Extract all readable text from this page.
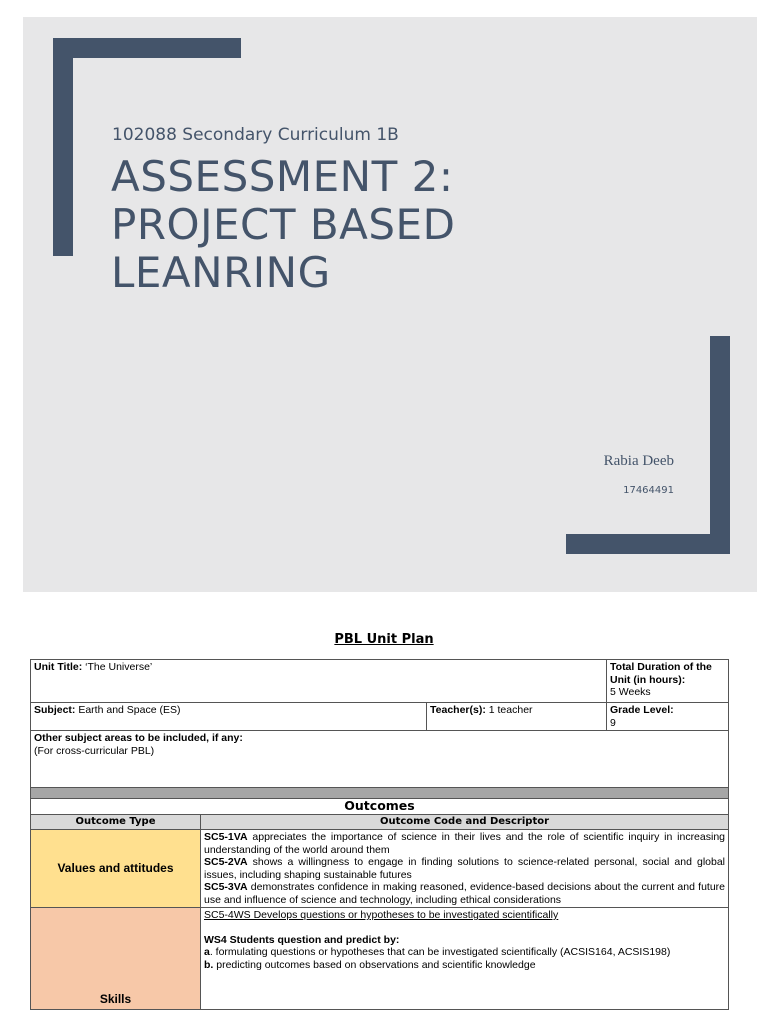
102088 Secondary Curriculum 1B
ASSESSMENT 2:
PROJECT BASED
LEANRING
Rabia Deeb
17464491
PBL Unit Plan
Unit Title: ‘The Universe’			Total Duration of the Unit (in hours):
5 Weeks

Subject: Earth and Space (ES)		Teacher(s): 1 teacher	Grade Level:
9

Other subject areas to be included, if any:
(For cross-curricular PBL)			

Outcomes			
Outcome Type	Outcome Code and Descriptor		
Values and attitudes	SC5-1VA appreciates the importance of science in their lives and the role of scientific inquiry in increasing understanding of the world around them
SC5-2VA shows a willingness to engage in finding solutions to science-related personal, social and global issues, including shaping sustainable futures
SC5-3VA demonstrates confidence in making reasoned, evidence-based decisions about the current and future use and influence of science and technology, including ethical considerations		

Skills	SC5-4WS Develops questions or hypotheses to be investigated scientifically
WS4 Students question and predict by:
a. formulating questions or hypotheses that can be investigated scientifically (ACSIS164, ACSIS198)
b. predicting outcomes based on observations and scientific knowledge		
